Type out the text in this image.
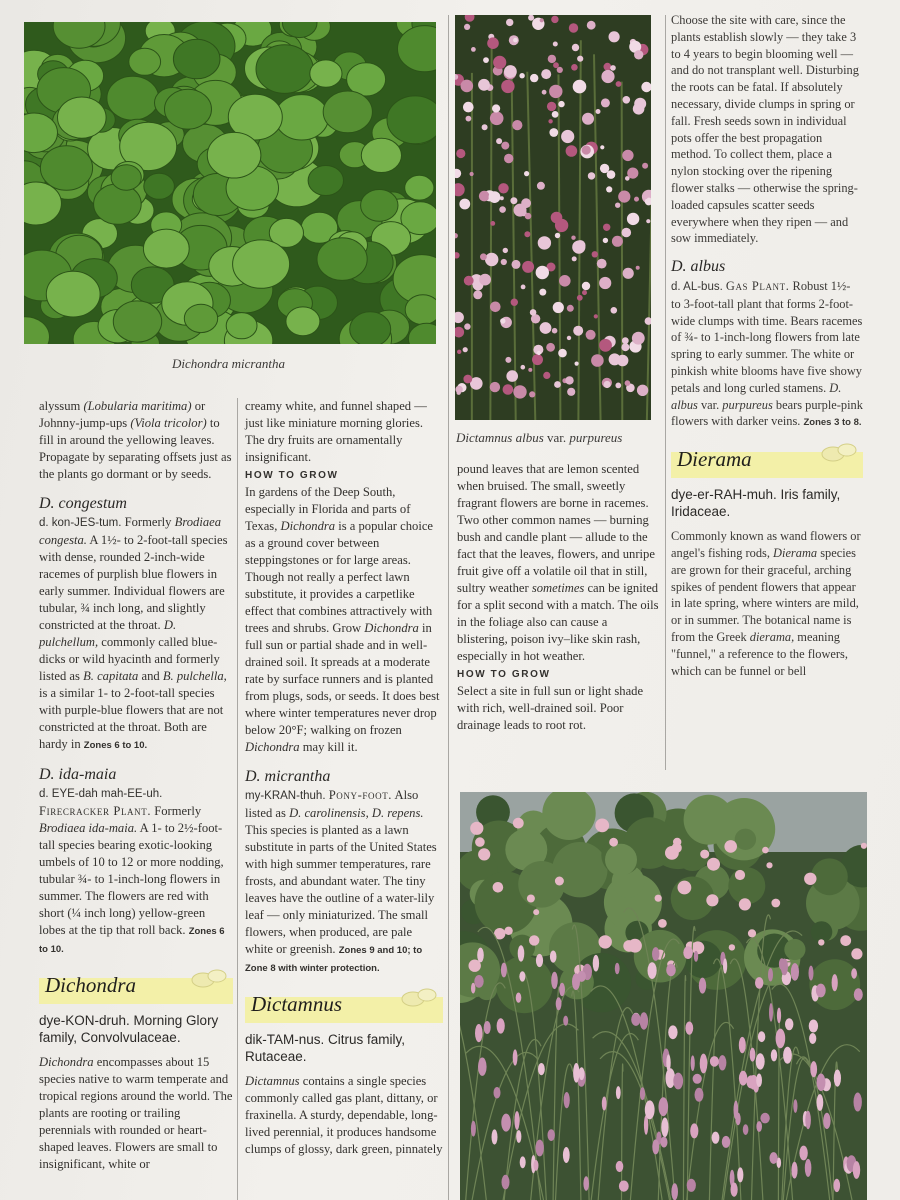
Dichondra micrantha
Dictamnus albus var. purpureus

alyssum (Lobularia maritima) or Johnny-jump-ups (Viola tricolor) to fill in around the yellowing leaves. Propagate by separating offsets just as the plants go dormant or by seeds.

D. congestum

d. kon-JES-tum. Formerly Brodiaea congesta. A 1½- to 2-foot-tall species with dense, rounded 2-inch-wide racemes of purplish blue flowers in early summer. Individual flowers are tubular, ¾ inch long, and slightly constricted at the throat. D. pulchellum, commonly called blue-dicks or wild hyacinth and formerly listed as B. capitata and B. pulchella, is a similar 1- to 2-foot-tall species with purple-blue flowers that are not constricted at the throat. Both are hardy in Zones 6 to 10.

D. ida-maia

d. EYE-dah mah-EE-uh. Firecracker Plant. Formerly Brodiaea ida-maia. A 1- to 2½-foot-tall species bearing exotic-looking umbels of 10 to 12 or more nodding, tubular ¾- to 1-inch-long flowers in summer. The flowers are red with short (¼ inch long) yellow-green lobes at the tip that roll back. Zones 6 to 10.

Dichondra
dye-KON-druh. Morning Glory family, Convolvulaceae.

Dichondra encompasses about 15 species native to warm temperate and tropical regions around the world. The plants are rooting or trailing perennials with rounded or heart-shaped leaves. Flowers are small to insignificant, white or

creamy white, and funnel shaped — just like miniature morning glories. The dry fruits are ornamentally insignificant.

HOW TO GROW

In gardens of the Deep South, especially in Florida and parts of Texas, Dichondra is a popular choice as a ground cover between steppingstones or for large areas. Though not really a perfect lawn substitute, it provides a carpetlike effect that combines attractively with trees and shrubs. Grow Dichondra in full sun or partial shade and in well-drained soil. It spreads at a moderate rate by surface runners and is planted from plugs, sods, or seeds. It does best where winter temperatures never drop below 20°F; walking on frozen Dichondra may kill it.

D. micrantha

my-KRAN-thuh. Pony-foot. Also listed as D. carolinensis, D. repens. This species is planted as a lawn substitute in parts of the United States with high summer temperatures, rare frosts, and abundant water. The tiny leaves have the outline of a water-lily leaf — only miniaturized. The small flowers, when produced, are pale white or greenish. Zones 9 and 10; to Zone 8 with winter protection.

Dictamnus
dik-TAM-nus. Citrus family, Rutaceae.

Dictamnus contains a single species commonly called gas plant, dittany, or fraxinella. A sturdy, dependable, long-lived perennial, it produces handsome clumps of glossy, dark green, pinnately

pound leaves that are lemon scented when bruised. The small, sweetly fragrant flowers are borne in racemes. Two other common names — burning bush and candle plant — allude to the fact that the leaves, flowers, and unripe fruit give off a volatile oil that in still, sultry weather sometimes can be ignited for a split second with a match. The oils in the foliage also can cause a blistering, poison ivy–like skin rash, especially in hot weather.

HOW TO GROW

Select a site in full sun or light shade with rich, well-drained soil. Poor drainage leads to root rot.

Choose the site with care, since the plants establish slowly — they take 3 to 4 years to begin blooming well — and do not transplant well. Disturbing the roots can be fatal. If absolutely necessary, divide clumps in spring or fall. Fresh seeds sown in individual pots offer the best propagation method. To collect them, place a nylon stocking over the ripening flower stalks — otherwise the spring-loaded capsules scatter seeds everywhere when they ripen — and sow immediately.

D. albus

d. AL-bus. Gas Plant. Robust 1½- to 3-foot-tall plant that forms 2-foot-wide clumps with time. Bears racemes of ¾- to 1-inch-long flowers from late spring to early summer. The white or pinkish white blooms have five showy petals and long curled stamens. D. albus var. purpureus bears purple-pink flowers with darker veins. Zones 3 to 8.

Dierama
dye-er-RAH-muh. Iris family, Iridaceae.

Commonly known as wand flowers or angel's fishing rods, Dierama species are grown for their graceful, arching spikes of pendent flowers that appear in late spring, where winters are mild, or in summer. The botanical name is from the Greek dierama, meaning "funnel," a reference to the flowers, which can be funnel or bell
